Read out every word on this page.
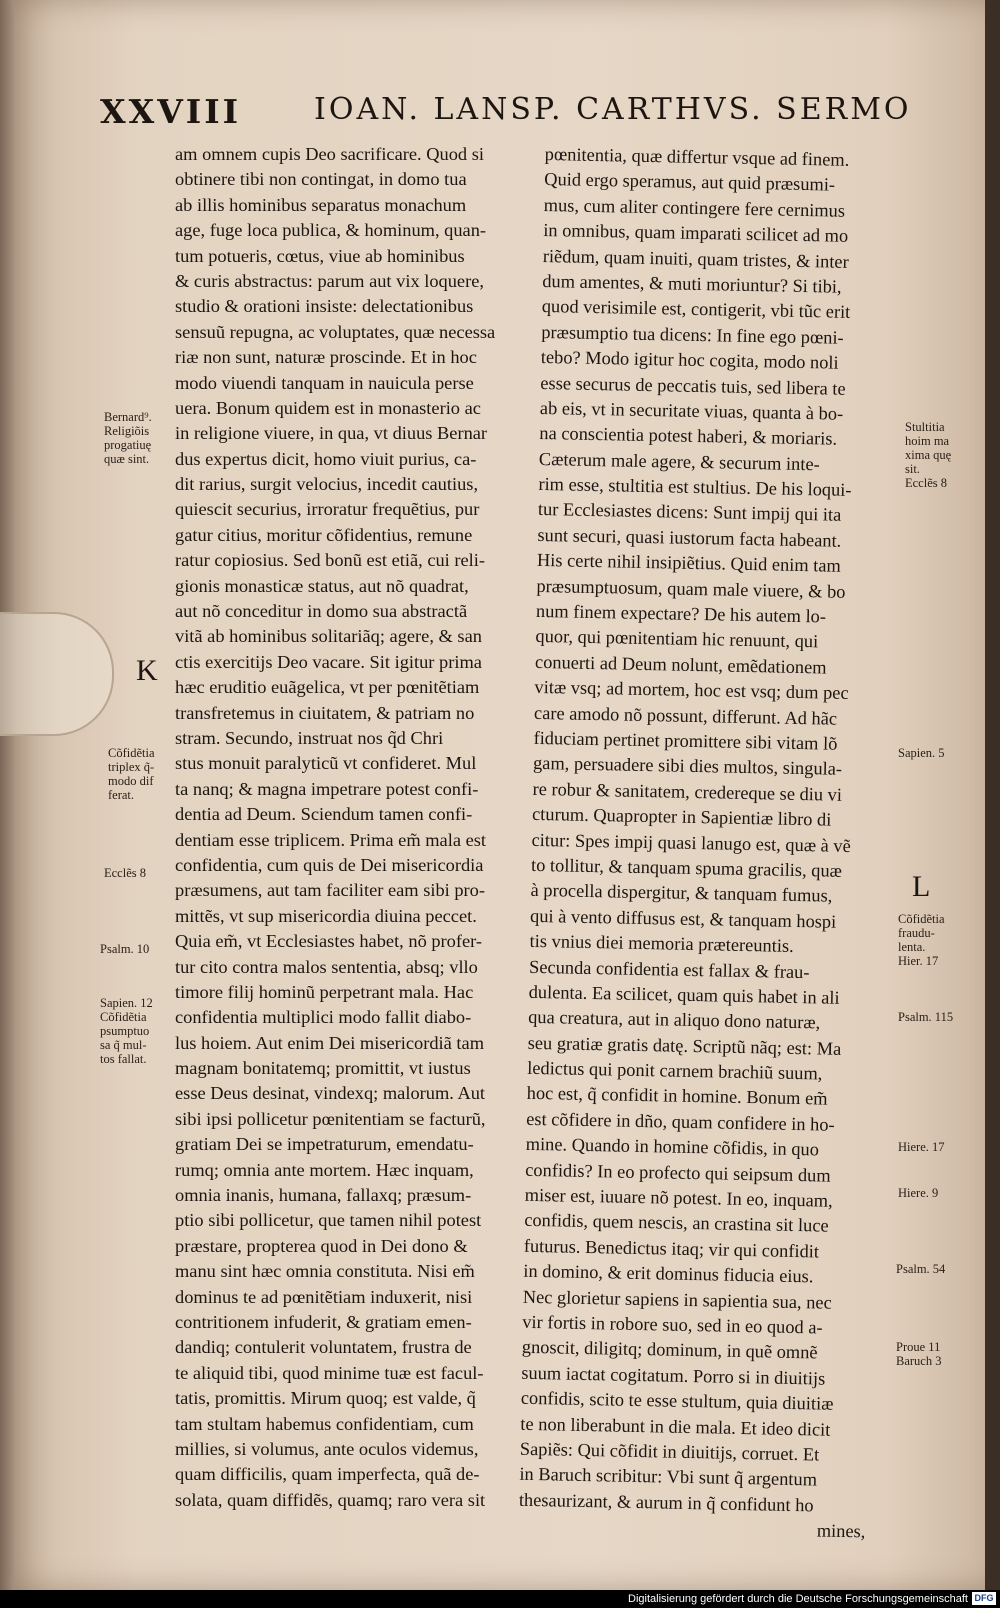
XXVIII IOAN. LANSP. CARTHVS. SERMO
am omnem cupis Deo sacrificare. Quod si
obtinere tibi non contingat, in domo tua
ab illis hominibus separatus monachum
age, fuge loca publica, & hominum, quan-
tum potueris, cœtus, viue ab hominibus
& curis abstractus: parum aut vix loquere,
studio & orationi insiste: delectationibus
sensuũ repugna, ac voluptates, quæ necessa
riæ non sunt, naturæ proscinde. Et in hoc
modo viuendi tanquam in nauicula perse
uera. Bonum quidem est in monasterio ac
in religione viuere, in qua, vt diuus Bernar
dus expertus dicit, homo viuit purius, ca-
dit rarius, surgit velocius, incedit cautius,
quiescit securius, irroratur frequẽtius, pur
gatur citius, moritur cõfidentius, remune
ratur copiosius. Sed bonũ est etiã, cui reli-
gionis monasticæ status, aut nõ quadrat,
aut nõ conceditur in domo sua abstractã
vitã ab hominibus solitariãq; agere, & san
ctis exercitijs Deo vacare. Sit igitur prima
hæc eruditio euãgelica, vt per pœnitẽtiam
transfretemus in ciuitatem, & patriam no
stram. Secundo, instruat nos q̃d Chri
stus monuit paralyticũ vt confideret. Mul
ta nanq; & magna impetrare potest confi-
dentia ad Deum. Sciendum tamen confi-
dentiam esse triplicem. Prima em̃ mala est
confidentia, cum quis de Dei misericordia
præsumens, aut tam faciliter eam sibi pro-
mittẽs, vt sup misericordia diuina peccet.
Quia em̃, vt Ecclesiastes habet, nõ profer-
tur cito contra malos sententia, absq; vllo
timore filij hominũ perpetrant mala. Hac
confidentia multiplici modo fallit diabo-
lus hoiem. Aut enim Dei misericordiã tam
magnam bonitatemq; promittit, vt iustus
esse Deus desinat, vindexq; malorum. Aut
sibi ipsi pollicetur pœnitentiam se facturũ,
gratiam Dei se impetraturum, emendatu-
rumq; omnia ante mortem. Hæc inquam,
omnia inanis, humana, fallaxq; præsum-
ptio sibi pollicetur, que tamen nihil potest
præstare, propterea quod in Dei dono &
manu sint hæc omnia constituta. Nisi em̃
dominus te ad pœnitẽtiam induxerit, nisi
contritionem infuderit, & gratiam emen-
dandiq; contulerit voluntatem, frustra de
te aliquid tibi, quod minime tuæ est facul-
tatis, promittis. Mirum quoq; est valde, q̃
tam stultam habemus confidentiam, cum
millies, si volumus, ante oculos videmus,
quam difficilis, quam imperfecta, quã de-
solata, quam diffidẽs, quamq; raro vera sit
pœnitentia, quæ differtur vsque ad finem.
Quid ergo speramus, aut quid præsumi-
mus, cum aliter contingere fere cernimus
in omnibus, quam imparati scilicet ad mo
riẽdum, quam inuiti, quam tristes, & inter
dum amentes, & muti moriuntur? Si tibi,
quod verisimile est, contigerit, vbi tũc erit
præsumptio tua dicens: In fine ego pœni-
tebo? Modo igitur hoc cogita, modo noli
esse securus de peccatis tuis, sed libera te
ab eis, vt in securitate viuas, quanta à bo-
na conscientia potest haberi, & moriaris.
Cæterum male agere, & securum inte-
rim esse, stultitia est stultius. De his loqui-
tur Ecclesiastes dicens: Sunt impij qui ita
sunt securi, quasi iustorum facta habeant.
His certe nihil insipiẽtius. Quid enim tam
præsumptuosum, quam male viuere, & bo
num finem expectare? De his autem lo-
quor, qui pœnitentiam hic renuunt, qui
conuerti ad Deum nolunt, emẽdationem
vitæ vsq; ad mortem, hoc est vsq; dum pec
care amodo nõ possunt, differunt. Ad hãc
fiduciam pertinet promittere sibi vitam lõ
gam, persuadere sibi dies multos, singula-
re robur & sanitatem, credereque se diu vi
cturum. Quapropter in Sapientiæ libro di
citur: Spes impij quasi lanugo est, quæ à vẽ
to tollitur, & tanquam spuma gracilis, quæ
à procella dispergitur, & tanquam fumus,
qui à vento diffusus est, & tanquam hospi
tis vnius diei memoria prætereuntis.
Secunda confidentia est fallax & frau-
dulenta. Ea scilicet, quam quis habet in ali
qua creatura, aut in aliquo dono naturæ,
seu gratiæ gratis datę. Scriptũ nãq; est: Ma
ledictus qui ponit carnem brachiũ suum,
hoc est, q̃ confidit in homine. Bonum em̃
est cõfidere in dño, quam confidere in ho-
mine. Quando in homine cõfidis, in quo
confidis? In eo profecto qui seipsum dum
miser est, iuuare nõ potest. In eo, inquam,
confidis, quem nescis, an crastina sit luce
futurus. Benedictus itaq; vir qui confidit
in domino, & erit dominus fiducia eius.
Nec glorietur sapiens in sapientia sua, nec
vir fortis in robore suo, sed in eo quod a-
gnoscit, diligitq; dominum, in quẽ omnẽ
suum iactat cogitatum. Porro si in diuitijs
confidis, scito te esse stultum, quia diuitiæ
te non liberabunt in die mala. Et ideo dicit
Sapiẽs: Qui cõfidit in diuitijs, corruet. Et
in Baruch scribitur: Vbi sunt q̃ argentum
thesaurizant, & aurum in q̃ confidunt ho
mines,
Bernard⁹.
Religiõis
progatiuę
quæ sint.
K
Cõfidẽtia
triplex q̃-
modo dif
ferat.
Ecclẽs 8
Psalm. 10
Sapien. 12
Cõfidẽtia
psumptuo
sa q̃ mul-
tos fallat.
Stultitia
hoim ma
xima quę
sit.
Ecclẽs 8
Sapien. 5
L
Cõfidẽtia
fraudu-
lenta.
Hier. 17
Psalm. 115
Hiere. 17
Hiere. 9
Psalm. 54
Proue 11
Baruch 3
Digitalisierung gefördert durch die Deutsche Forschungsgemeinschaft DFG
